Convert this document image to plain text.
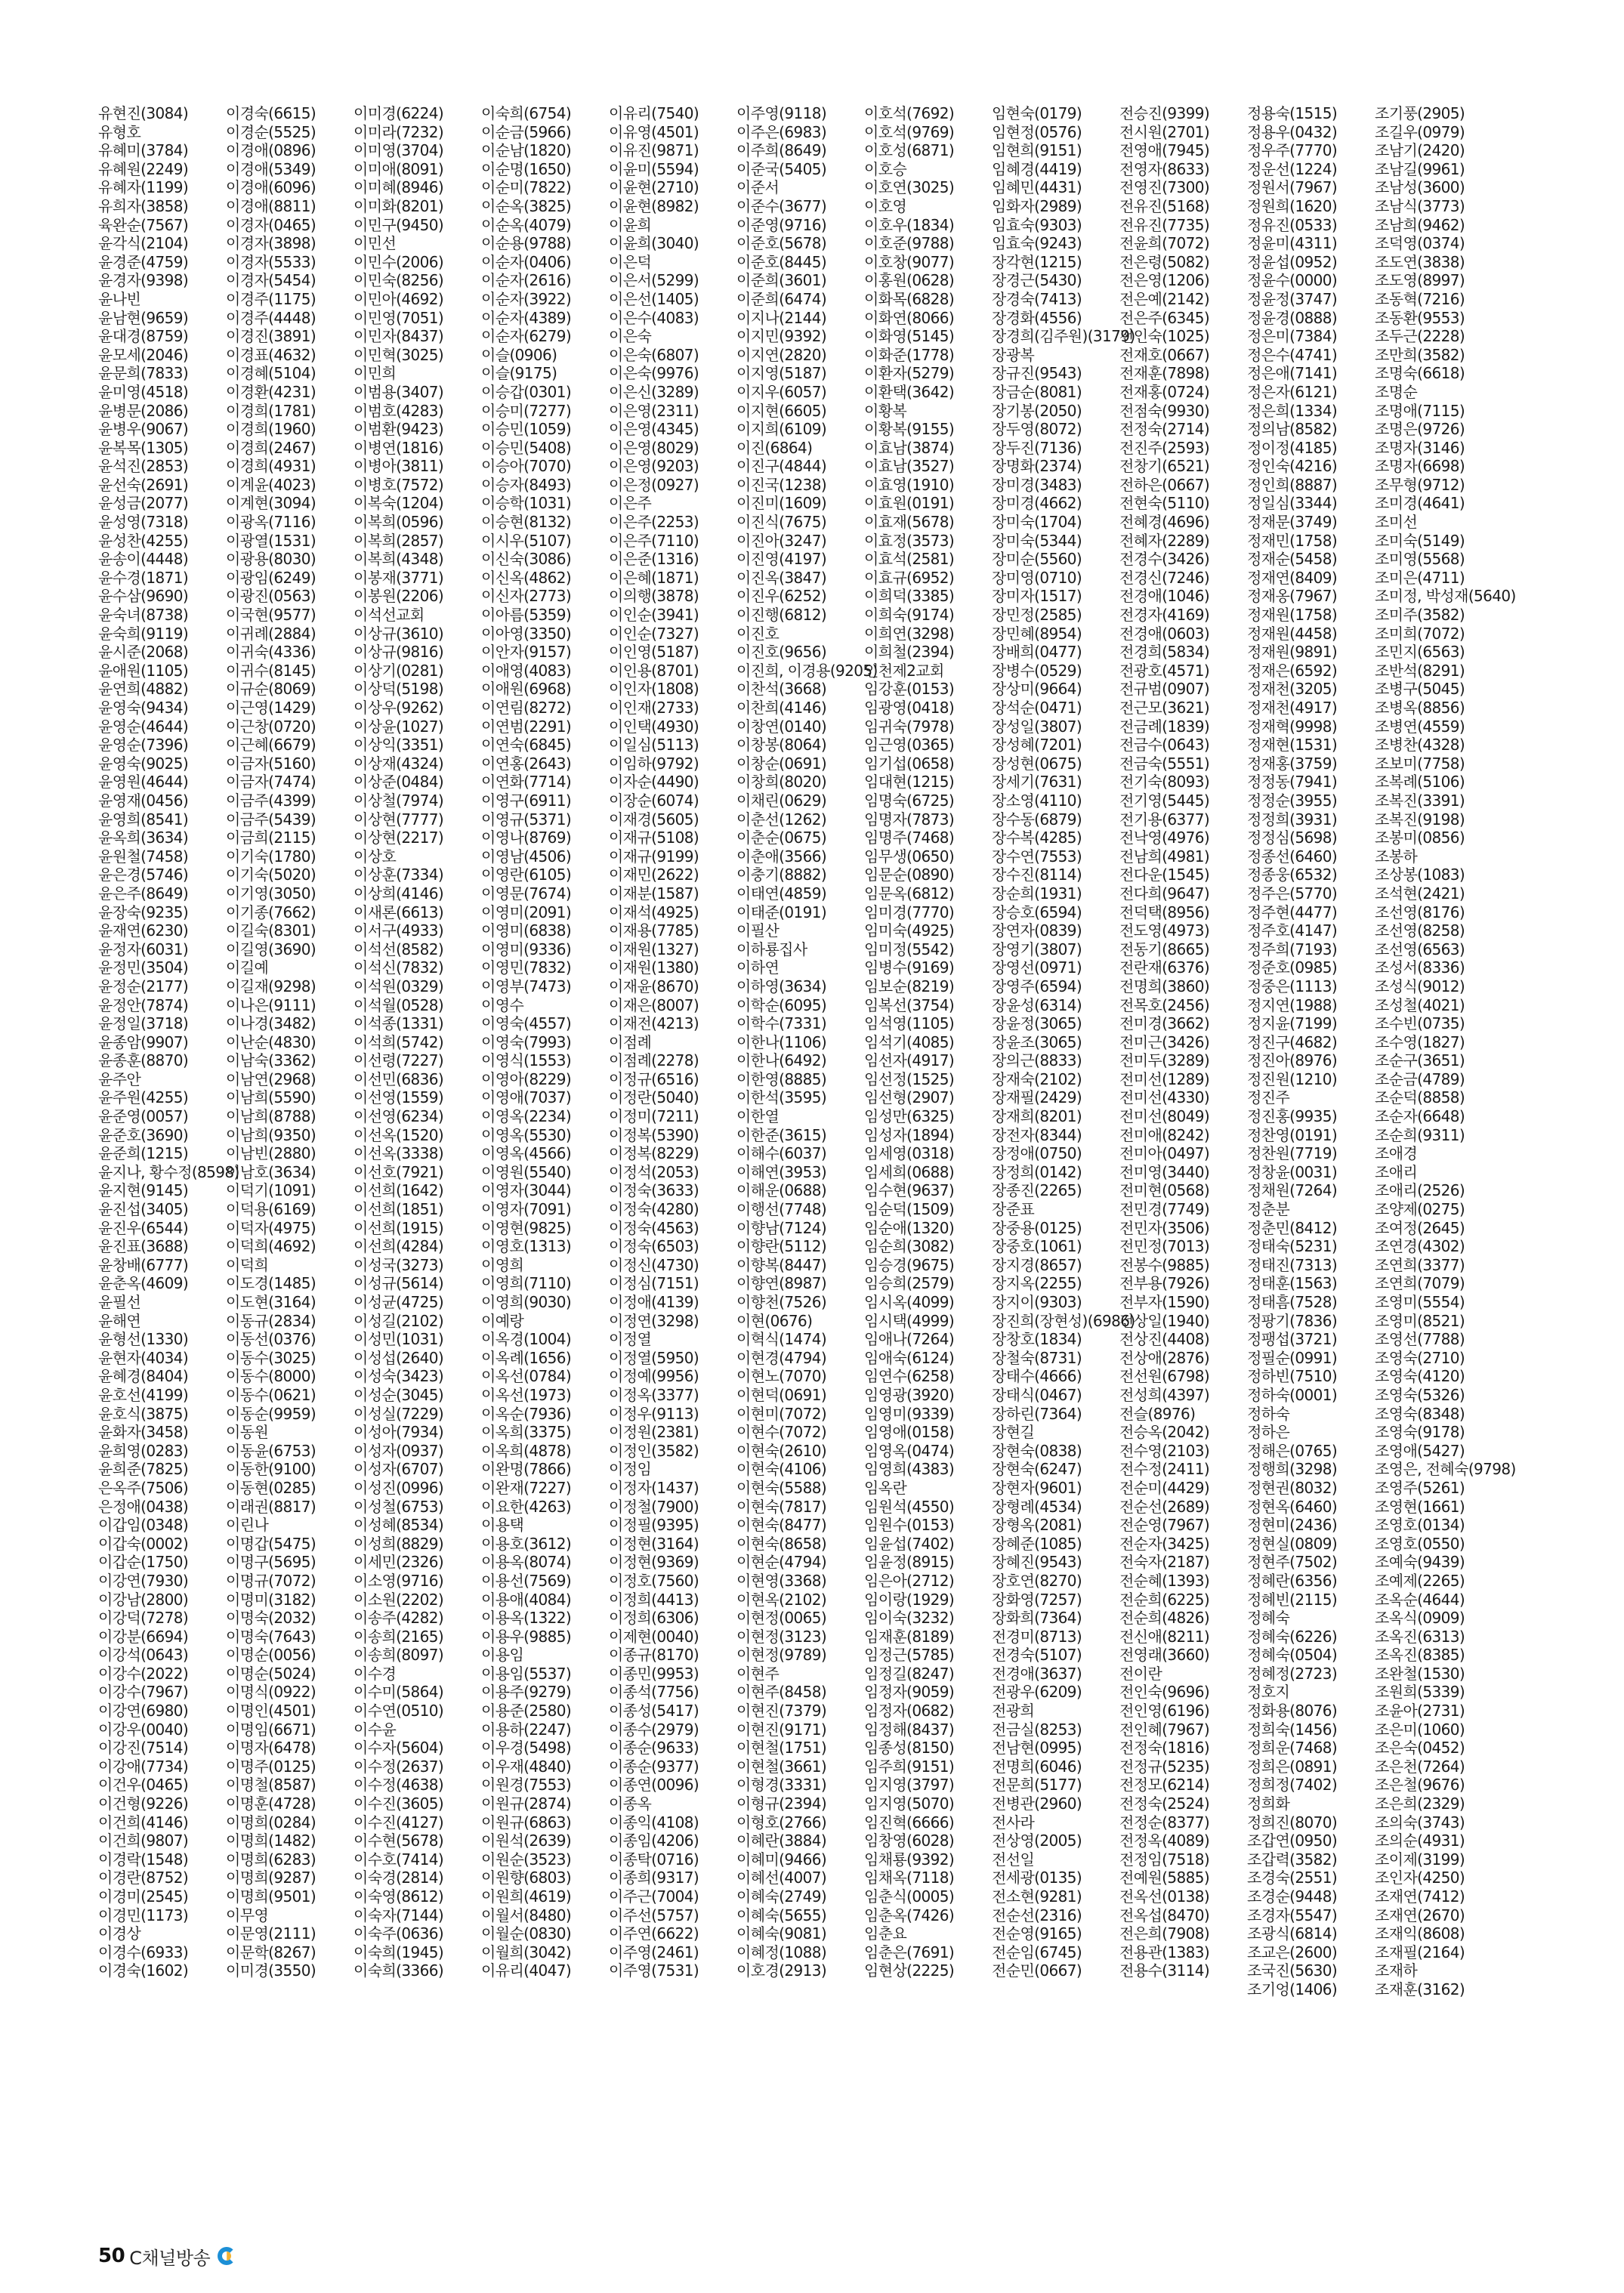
유현진(3084)
유형호
유혜미(3784)
유혜원(2249)
유혜자(1199)
유희자(3858)
육완순(7567)
윤각식(2104)
윤경준(4759)
윤경자(9398)
윤나빈
윤남현(9659)
윤대경(8759)
윤모세(2046)
윤문희(7833)
윤미영(4518)
윤병문(2086)
윤병우(9067)
윤복목(1305)
윤석진(2853)
윤선숙(2691)
윤성금(2077)
윤성영(7318)
윤성찬(4255)
윤송이(4448)
윤수경(1871)
윤수삼(9690)
윤숙녀(8738)
윤숙희(9119)
윤시준(2068)
윤애원(1105)
윤연희(4882)
윤영숙(9434)
윤영순(4644)
윤영순(7396)
윤영숙(9025)
윤영원(4644)
윤영재(0456)
윤영희(8541)
윤옥희(3634)
윤원철(7458)
윤은경(5746)
윤은주(8649)
윤장숙(9235)
윤재연(6230)
윤정자(6031)
윤정민(3504)
윤정순(2177)
윤정안(7874)
윤정일(3718)
윤종암(9907)
윤종훈(8870)
윤주안
윤주원(4255)
윤준영(0057)
윤준호(3690)
윤준희(1215)
윤지나, 황수정(8598)
윤지현(9145)
윤진섭(3405)
윤진우(6544)
윤진표(3688)
윤창배(6777)
윤춘옥(4609)
윤필선
윤해연
윤형선(1330)
윤현자(4034)
윤혜경(8404)
윤호선(4199)
윤호식(3875)
윤화자(3458)
윤희영(0283)
윤희준(7825)
은옥주(7506)
은정애(0438)
이갑임(0348)
이갑숙(0002)
이갑순(1750)
이강연(7930)
이강남(2800)
이강덕(7278)
이강분(6694)
이강석(0643)
이강수(2022)
이강수(7967)
이강연(6980)
이강우(0040)
이강진(7514)
이강애(7734)
이건우(0465)
이건형(9226)
이건희(4146)
이건희(9807)
이경락(1548)
이경란(8752)
이경미(2545)
이경민(1173)
이경상
이경수(6933)
이경숙(1602)
이경숙(6615)
이경순(5525)
이경애(0896)
이경애(5349)
이경애(6096)
이경애(8811)
이경자(0465)
이경자(3898)
이경자(5533)
이경자(5454)
이경주(1175)
이경주(4448)
이경진(3891)
이경표(4632)
이경혜(5104)
이경환(4231)
이경희(1781)
이경희(1960)
이경희(2467)
이경희(4931)
이계윤(4023)
이계현(3094)
이광옥(7116)
이광열(1531)
이광용(8030)
이광임(6249)
이광진(0563)
이국현(9577)
이귀례(2884)
이귀숙(4336)
이귀수(8145)
이규순(8069)
이근영(1429)
이근창(0720)
이근혜(6679)
이금자(5160)
이금자(7474)
이금주(4399)
이금주(5439)
이금희(2115)
이기숙(1780)
이기숙(5020)
이기영(3050)
이기종(7662)
이길숙(8301)
이길영(3690)
이길예
이길재(9298)
이나은(9111)
이나경(3482)
이난순(4830)
이남숙(3362)
이남연(2968)
이남희(5590)
이남희(8788)
이남희(9350)
이남빈(2880)
이남호(3634)
이덕기(1091)
이덕용(6169)
이덕자(4975)
이덕희(4692)
이덕희
이도경(1485)
이도현(3164)
이동규(2834)
이동선(0376)
이동수(3025)
이동수(8000)
이동수(0621)
이동순(9959)
이동원
이동윤(6753)
이동한(9100)
이동현(0285)
이래권(8817)
이린나
이명갑(5475)
이명구(5695)
이명규(7072)
이명미(3182)
이명숙(2032)
이명숙(7643)
이명순(0056)
이명순(5024)
이명식(0922)
이명인(4501)
이명임(6671)
이명자(6478)
이명주(0125)
이명철(8587)
이명훈(4728)
이명희(0284)
이명희(1482)
이명희(6283)
이명희(9287)
이명희(9501)
이무영
이문영(2111)
이문학(8267)
이미경(3550)
이미경(6224)
이미라(7232)
이미영(3704)
이미애(8091)
이미혜(8946)
이미화(8201)
이민구(9450)
이민선
이민수(2006)
이민숙(8256)
이민아(4692)
이민영(7051)
이민자(8437)
이민혁(3025)
이민희
이범용(3407)
이범호(4283)
이범환(9423)
이병연(1816)
이병아(3811)
이병호(7572)
이복숙(1204)
이복희(0596)
이복희(2857)
이복희(4348)
이봉재(3771)
이봉원(2206)
이석선교회
이상규(3610)
이상규(9816)
이상기(0281)
이상덕(5198)
이상우(9262)
이상윤(1027)
이상익(3351)
이상재(4324)
이상준(0484)
이상철(7974)
이상현(7777)
이상현(2217)
이상호
이상훈(7334)
이상희(4146)
이새론(6613)
이서구(4933)
이석선(8582)
이석신(7832)
이석원(0329)
이석월(0528)
이석종(1331)
이석희(5742)
이선령(7227)
이선민(6836)
이선영(1559)
이선영(6234)
이선옥(1520)
이선옥(3338)
이선호(7921)
이선희(1642)
이선희(1851)
이선희(1915)
이선희(4284)
이성국(3273)
이성규(5614)
이성균(4725)
이성길(2102)
이성민(1031)
이성섭(2640)
이성숙(3423)
이성순(3045)
이성실(7229)
이성아(7934)
이성자(0937)
이성자(6707)
이성진(0996)
이성철(6753)
이성혜(8534)
이성희(8829)
이세민(2326)
이소영(9716)
이소원(2202)
이송주(4282)
이송희(2165)
이송희(8097)
이수경
이수미(5864)
이수연(0510)
이수윤
이수자(5604)
이수정(2637)
이수정(4638)
이수진(3605)
이수진(4127)
이수현(5678)
이수호(7414)
이숙경(2814)
이숙영(8612)
이숙자(7144)
이숙주(0636)
이숙희(1945)
이숙희(3366)
이숙희(6754)
이순금(5966)
이순남(1820)
이순명(1650)
이순미(7822)
이순옥(3825)
이순옥(4079)
이순용(9788)
이순자(0406)
이순자(2616)
이순자(3922)
이순자(4389)
이순자(6279)
이슬(0906)
이슬(9175)
이승갑(0301)
이승미(7277)
이승민(1059)
이승민(5408)
이승아(7070)
이승자(8493)
이승학(1031)
이승현(8132)
이시우(5107)
이신숙(3086)
이신옥(4862)
이신자(2773)
이아름(5359)
이아영(3350)
이안자(9157)
이애영(4083)
이애원(6968)
이연림(8272)
이연범(2291)
이연숙(6845)
이연홍(2643)
이연화(7714)
이영구(6911)
이영규(5371)
이영나(8769)
이영남(4506)
이영란(6105)
이영문(7674)
이영미(2091)
이영미(6838)
이영미(9336)
이영민(7832)
이영부(7473)
이영수
이영숙(4557)
이영숙(7993)
이영식(1553)
이영아(8229)
이영애(7037)
이영옥(2234)
이영옥(5530)
이영옥(4566)
이영원(5540)
이영자(3044)
이영자(7091)
이영현(9825)
이영호(1313)
이영희
이영희(7110)
이영희(9030)
이예랑
이옥경(1004)
이옥례(1656)
이옥선(0784)
이옥선(1973)
이옥순(7936)
이옥희(3375)
이옥희(4878)
이완명(7866)
이완재(7227)
이요한(4263)
이용택
이용호(3612)
이용옥(8074)
이용선(7569)
이용애(4084)
이용옥(1322)
이용우(9885)
이용임
이용임(5537)
이용주(9279)
이용준(2580)
이용하(2247)
이우경(5498)
이우재(4840)
이원경(7553)
이원규(2874)
이원규(6863)
이원석(2639)
이원순(3523)
이원향(6803)
이원희(4619)
이월서(8480)
이월순(0830)
이월희(3042)
이유리(4047)
이유리(7540)
이유영(4501)
이유진(9871)
이윤미(5594)
이윤현(2710)
이윤현(8982)
이윤희
이윤희(3040)
이은덕
이은서(5299)
이은선(1405)
이은수(4083)
이은숙
이은숙(6807)
이은숙(9976)
이은신(3289)
이은영(2311)
이은영(4345)
이은영(8029)
이은영(9203)
이은정(0927)
이은주
이은주(2253)
이은주(7110)
이은준(1316)
이은혜(1871)
이의행(3878)
이인순(3941)
이인순(7327)
이인영(5187)
이인용(8701)
이인자(1808)
이인재(2733)
이인택(4930)
이일심(5113)
이임하(9792)
이자순(4490)
이장순(6074)
이재경(5605)
이재규(5108)
이재규(9199)
이재민(2622)
이재분(1587)
이재석(4925)
이재용(7785)
이재원(1327)
이재원(1380)
이재윤(8670)
이재은(8007)
이재전(4213)
이점례
이점례(2278)
이정규(6516)
이정란(5040)
이정미(7211)
이정복(5390)
이정복(8229)
이정석(2053)
이정숙(3633)
이정숙(4280)
이정숙(4563)
이정숙(6503)
이정신(4730)
이정심(7151)
이정애(4139)
이정연(3298)
이정열
이정열(5950)
이정예(9956)
이정옥(3377)
이정우(9113)
이정원(2381)
이정인(3582)
이정임
이정자(1437)
이정철(7900)
이정필(9395)
이정현(3164)
이정현(9369)
이정호(7560)
이정희(4413)
이정희(6306)
이제현(0040)
이종규(8170)
이종민(9953)
이종석(7756)
이종성(5417)
이종수(2979)
이종순(9633)
이종순(9377)
이종연(0096)
이종옥
이종익(4108)
이종임(4206)
이종탁(0716)
이종희(9317)
이주근(7004)
이주선(5757)
이주연(6622)
이주영(2461)
이주영(7531)
이주영(9118)
이주은(6983)
이주희(8649)
이준국(5405)
이준서
이준수(3677)
이준영(9716)
이준호(5678)
이준호(8445)
이준희(3601)
이준희(6474)
이지나(2144)
이지민(9392)
이지연(2820)
이지영(5187)
이지우(6057)
이지현(6605)
이지희(6109)
이진(6864)
이진구(4844)
이진국(1238)
이진미(1609)
이진식(7675)
이진아(3247)
이진영(4197)
이진옥(3847)
이진우(6252)
이진행(6812)
이진호
이진호(9656)
이진희, 이경용(9205)
이찬석(3668)
이찬희(4146)
이창연(0140)
이창봉(8064)
이창순(0691)
이창희(8020)
이채린(0629)
이춘선(1262)
이춘순(0675)
이춘애(3566)
이충기(8882)
이태연(4859)
이태준(0191)
이필산
이하룡집사
이하연
이하영(3634)
이학순(6095)
이학수(7331)
이한나(1106)
이한나(6492)
이한영(8885)
이한석(3595)
이한열
이한준(3615)
이해수(6037)
이해연(3953)
이해운(0688)
이행선(7748)
이향남(7124)
이향란(5112)
이향복(8447)
이향연(8987)
이향천(7526)
이현(0676)
이혁식(1474)
이현경(4794)
이현노(7070)
이현덕(0691)
이현미(7072)
이현수(7072)
이현숙(2610)
이현숙(4106)
이현숙(5588)
이현숙(7817)
이현숙(8477)
이현숙(8658)
이현순(4794)
이현영(3368)
이현옥(2102)
이현정(0065)
이현정(3123)
이현정(9789)
이현주
이현주(8458)
이현진(7379)
이현진(9171)
이현철(1751)
이현철(3661)
이형경(3331)
이형규(2394)
이형호(2766)
이혜란(3884)
이혜미(9466)
이혜선(4007)
이혜숙(2749)
이혜숙(5655)
이혜숙(9081)
이혜정(1088)
이호경(2913)
이호석(7692)
이호석(9769)
이호성(6871)
이호승
이호연(3025)
이호영
이호우(1834)
이호준(9788)
이호창(9077)
이홍원(0628)
이화목(6828)
이화연(8066)
이화영(5145)
이화준(1778)
이환자(5279)
이환택(3642)
이황복
이황복(9155)
이효남(3874)
이효남(3527)
이효영(1910)
이효원(0191)
이효재(5678)
이효정(3573)
이효석(2581)
이효규(6952)
이희덕(3385)
이희숙(9174)
이희연(3298)
이희철(2394)
인천제2교회
임강훈(0153)
임광영(0418)
임귀숙(7978)
임근영(0365)
임기섭(0658)
임대현(1215)
임명숙(6725)
임명자(7873)
임명주(7468)
임무생(0650)
임문순(0890)
임문옥(6812)
임미경(7770)
임미숙(4925)
임미정(5542)
임병수(9169)
임보순(8219)
임복선(3754)
임석영(1105)
임석기(4085)
임선자(4917)
임선정(1525)
임선형(2907)
임성만(6325)
임성자(1894)
임세영(0318)
임세희(0688)
임수현(9637)
임순덕(1509)
임순애(1320)
임순희(3082)
임승경(9675)
임승희(2579)
임시옥(4099)
임시택(4999)
임애나(7264)
임애숙(6124)
임연수(6258)
임영광(3920)
임영미(9339)
임영애(0158)
임영옥(0474)
임영희(4383)
임옥란
임원석(4550)
임원수(0153)
임윤섭(7402)
임윤정(8915)
임은아(2712)
임이랑(1929)
임이숙(3232)
임재훈(8189)
임정근(5785)
임정길(8247)
임정자(9059)
임정자(0682)
임정해(8437)
임종성(8150)
임주희(9151)
임지영(3797)
임지영(5070)
임진혁(6666)
임창영(6028)
임채룡(9392)
임채옥(7118)
임춘식(0005)
임춘옥(7426)
임춘요
임춘은(7691)
임현상(2225)
임현숙(0179)
임현정(0576)
임현희(9151)
임혜경(4419)
임혜민(4431)
임화자(2989)
임효숙(9303)
임효숙(9243)
장각현(1215)
장경근(5430)
장경숙(7413)
장경화(4556)
장경희(김주원)(3179)
장광복
장규진(9543)
장금순(8081)
장기봉(2050)
장두영(8072)
장두진(7136)
장명화(2374)
장미경(3483)
장미경(4662)
장미숙(1704)
장미숙(5344)
장미순(5560)
장미영(0710)
장미자(1517)
장민정(2585)
장민혜(8954)
장배희(0477)
장병수(0529)
장상미(9664)
장석순(0471)
장성일(3807)
장성혜(7201)
장성현(0675)
장세기(7631)
장소영(4110)
장수동(6879)
장수복(4285)
장수연(7553)
장수진(8114)
장순희(1931)
장승호(6594)
장연자(0839)
장영기(3807)
장영선(0971)
장영주(6594)
장윤성(6314)
장윤정(3065)
장윤조(3065)
장의근(8833)
장재숙(2102)
장재필(2429)
장재희(8201)
장전자(8344)
장정애(0750)
장정희(0142)
장종진(2265)
장준표
장중용(0125)
장중호(1061)
장지경(8657)
장지옥(2255)
장지이(9303)
장진희(장현성)(6986)
장창호(1834)
장철숙(8731)
장태수(4666)
장태식(0467)
장하린(7364)
장현길
장현숙(0838)
장현숙(6247)
장현자(9601)
장형례(4534)
장형옥(2081)
장혜준(1085)
장혜진(9543)
장호연(8270)
장화영(7257)
장화희(7364)
전경미(8713)
전경숙(5107)
전경애(3637)
전광우(6209)
전광희
전금실(8253)
전남현(0995)
전명희(6046)
전문희(5177)
전병관(2960)
전사라
전상영(2005)
전선일
전세광(0135)
전소현(9281)
전순선(2316)
전순영(9165)
전순임(6745)
전순민(0667)
전승진(9399)
전시원(2701)
전영애(7945)
전영자(8633)
전영진(7300)
전유진(5168)
전유진(7735)
전윤희(7072)
전은령(5082)
전은영(1206)
전은예(2142)
전은주(6345)
전인숙(1025)
전재호(0667)
전재훈(7898)
전재홍(0724)
전점숙(9930)
전정숙(2714)
전진주(2593)
전창기(6521)
전하은(0667)
전현숙(5110)
전혜경(4696)
전혜자(2289)
전경수(3426)
전경신(7246)
전경애(1046)
전경자(4169)
전경애(0603)
전경희(5834)
전광호(4571)
전규범(0907)
전근모(3621)
전금례(1839)
전금수(0643)
전금숙(5551)
전기숙(8093)
전기영(5445)
전기용(6377)
전낙영(4976)
전남희(4981)
전다운(1545)
전다희(9647)
전덕택(8956)
전도영(4973)
전동기(8665)
전란재(6376)
전명희(3860)
전목호(2456)
전미경(3662)
전미근(3426)
전미두(3289)
전미선(1289)
전미선(4330)
전미선(8049)
전미애(8242)
전미아(0497)
전미영(3440)
전미현(0568)
전민경(7749)
전민자(3506)
전민정(7013)
전봉수(9885)
전부용(7926)
전부자(1590)
전상일(1940)
전상진(4408)
전상애(2876)
전선원(6798)
전성희(4397)
전슬(8976)
전승옥(2042)
전수영(2103)
전수정(2411)
전순미(4429)
전순선(2689)
전순영(7967)
전순자(3425)
전숙자(2187)
전순혜(1393)
전순희(6225)
전순희(4826)
전신애(8211)
전영래(3660)
전이란
전인숙(9696)
전인영(6196)
전인혜(7967)
전정숙(1816)
전정규(5235)
전정모(6214)
전정숙(2524)
전정순(8377)
전정옥(4089)
전정임(7518)
전예원(5885)
전옥선(0138)
전옥섭(8470)
전은희(7908)
전용관(1383)
전용수(3114)
정용숙(1515)
정용우(0432)
정우주(7770)
정운선(1224)
정원서(7967)
정원희(1620)
정유진(0533)
정윤미(4311)
정윤섭(0952)
정윤수(0000)
정윤정(3747)
정윤경(0888)
정은미(7384)
정은수(4741)
정은애(7141)
정은자(6121)
정은희(1334)
정의남(8582)
정이정(4185)
정인숙(4216)
정인희(8887)
정일심(3344)
정재문(3749)
정재민(1758)
정재순(5458)
정재연(8409)
정재옹(7967)
정재원(1758)
정재원(4458)
정재원(9891)
정재은(6592)
정재천(3205)
정재천(4917)
정재혁(9998)
정재현(1531)
정재홍(3759)
정정동(7941)
정정순(3955)
정정희(3931)
정정심(5698)
정종선(6460)
정종웅(6532)
정주은(5770)
정주현(4477)
정주호(4147)
정주희(7193)
정준호(0985)
정중은(1113)
정지연(1988)
정지윤(7199)
정진구(4682)
정진아(8976)
정진원(1210)
정진주
정진홍(9935)
정찬영(0191)
정찬원(7719)
정창윤(0031)
정채원(7264)
정춘분
정춘민(8412)
정태숙(5231)
정태진(7313)
정태훈(1563)
정태흠(7528)
정팡기(7836)
정팽섭(3721)
정필순(0991)
정하빈(7510)
정하숙(0001)
정하숙
정하은
정해은(0765)
정행희(3298)
정현권(8032)
정현옥(6460)
정현미(2436)
정현실(0809)
정현주(7502)
정혜란(6356)
정혜빈(2115)
정혜숙
정혜숙(6226)
정혜숙(0504)
정혜정(2723)
정호지
정화용(8076)
정희숙(1456)
정희운(7468)
정희은(0891)
정희정(7402)
정희화
정희진(8070)
조갑연(0950)
조갑력(3582)
조경숙(2551)
조경순(9448)
조경자(5547)
조광식(6814)
조교은(2600)
조국진(5630)
조기엉(1406)
조기풍(2905)
조길우(0979)
조남기(2420)
조남길(9961)
조남성(3600)
조남식(3773)
조남희(9462)
조덕영(0374)
조도연(3838)
조도영(8997)
조동혁(7216)
조동환(9553)
조두근(2228)
조만희(3582)
조명숙(6618)
조명순
조명애(7115)
조명은(9726)
조명자(3146)
조명자(6698)
조무형(9712)
조미경(4641)
조미선
조미숙(5149)
조미영(5568)
조미은(4711)
조미정, 박성재(5640)
조미주(3582)
조미희(7072)
조민지(6563)
조반석(8291)
조병구(5045)
조병옥(8856)
조병연(4559)
조병찬(4328)
조보미(7758)
조복례(5106)
조복진(3391)
조복진(9198)
조봉미(0856)
조봉하
조상봉(1083)
조석현(2421)
조선영(8176)
조선영(8258)
조선영(6563)
조성서(8336)
조성식(9012)
조성철(4021)
조수빈(0735)
조수영(1827)
조순구(3651)
조순금(4789)
조순덕(8858)
조순자(6648)
조순희(9311)
조애경
조애리
조애리(2526)
조양제(0275)
조여정(2645)
조연경(4302)
조연희(3377)
조연희(7079)
조영미(5554)
조영미(8521)
조영선(7788)
조영숙(2710)
조영숙(4120)
조영숙(5326)
조영숙(8348)
조영숙(9178)
조영애(5427)
조영은, 전혜숙(9798)
조영주(5261)
조영현(1661)
조영호(0134)
조영호(0550)
조예숙(9439)
조예제(2265)
조옥순(4644)
조옥식(0909)
조옥진(6313)
조옥진(8385)
조완철(1530)
조원희(5339)
조윤아(2731)
조은미(1060)
조은숙(0452)
조은천(7264)
조은철(9676)
조은희(2329)
조의숙(3743)
조의순(4931)
조이제(3199)
조인자(4250)
조재연(7412)
조재연(2670)
조재익(8608)
조재필(2164)
조재하
조재훈(3162)
50 C채널방송
